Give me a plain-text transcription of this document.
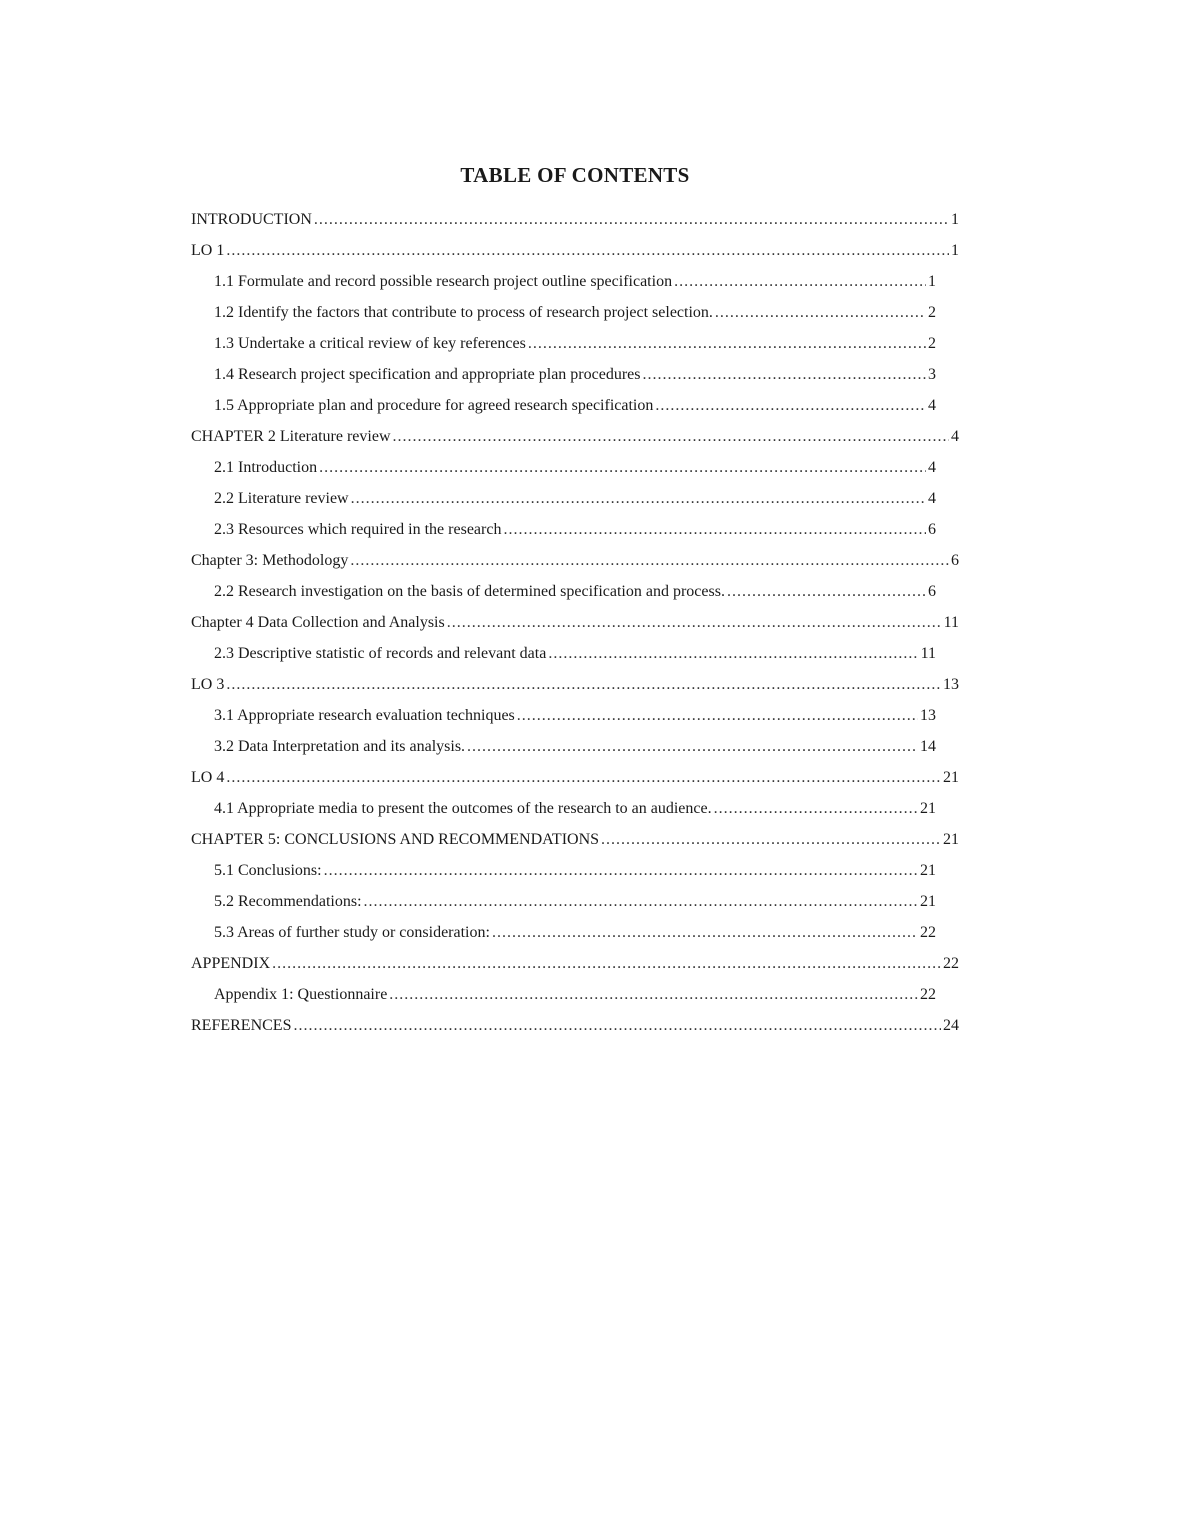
TABLE OF CONTENTS
INTRODUCTION .....	1
LO 1 .....	1
1.1 Formulate and record possible research project outline specification .....	1
1.2 Identify the factors that contribute to process of research project selection. .....	2
1.3 Undertake a critical review of key references .....	2
1.4 Research project specification and appropriate plan procedures .....	3
1.5 Appropriate plan and procedure for agreed research specification .....	4
CHAPTER 2 Literature review .....	4
2.1 Introduction .....	4
2.2 Literature review .....	4
2.3 Resources which required in the research .....	6
Chapter 3: Methodology .....	6
2.2 Research investigation on the basis of determined specification and process. .....	6
Chapter 4 Data Collection and Analysis .....	11
2.3 Descriptive statistic of records and relevant data .....	11
LO 3 .....	13
3.1 Appropriate research evaluation techniques .....	13
3.2 Data Interpretation and its analysis. .....	14
LO 4 .....	21
4.1 Appropriate media to present the outcomes of the research to an audience. .....	21
CHAPTER 5: CONCLUSIONS AND RECOMMENDATIONS .....	21
5.1 Conclusions: .....	21
5.2 Recommendations: .....	21
5.3 Areas of further study or consideration: .....	22
APPENDIX .....	22
Appendix 1: Questionnaire .....	22
REFERENCES .....	24
